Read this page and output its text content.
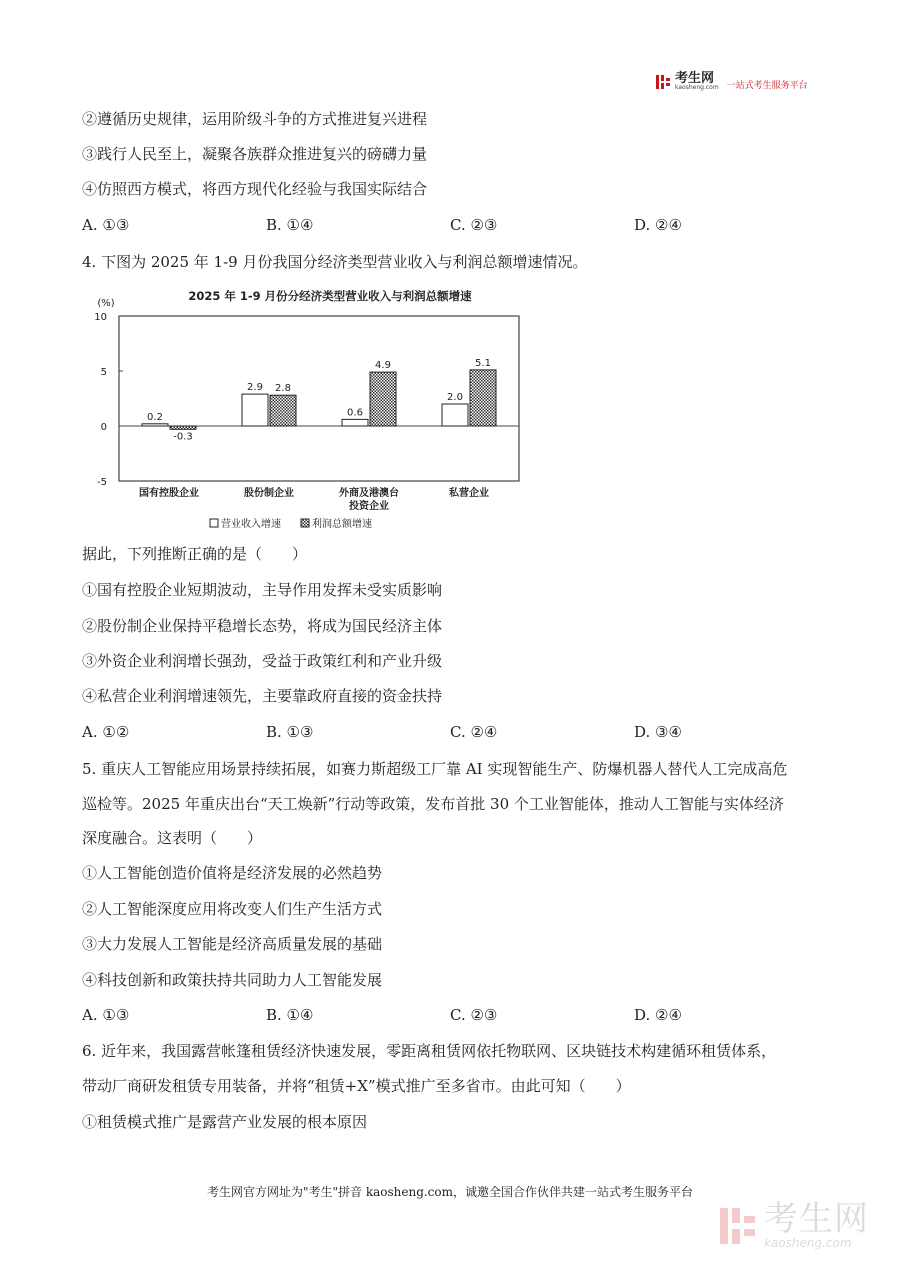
考生网
kaosheng.com 一站式考生服务平台
②遵循历史规律，运用阶级斗争的方式推进复兴进程
③践行人民至上，凝聚各族群众推进复兴的磅礴力量
④仿照西方模式，将西方现代化经验与我国实际结合
A. ①③	B. ①④	C. ②③	D. ②④
4. 下图为 2025 年 1-9 月份我国分经济类型营业收入与利润总额增速情况。
2025 年 1-9 月份分经济类型营业收入与利润总额增速
(%)
0.2
-0.3
国有控股企业
2.9 2.8
股份制企业
0.6
4.9
外商及港澳台
投资企业
2.0
5.1
私营企业
营业收入增速	利润总额增速
10
5
0
-5
据此，下列推断正确的是（　　）
①国有控股企业短期波动，主导作用发挥未受实质影响
②股份制企业保持平稳增长态势，将成为国民经济主体
③外资企业利润增长强劲，受益于政策红利和产业升级
④私营企业利润增速领先，主要靠政府直接的资金扶持
A. ①②	B. ①③	C. ②④	D. ③④
5. 重庆人工智能应用场景持续拓展，如赛力斯超级工厂靠 AI 实现智能生产、防爆机器人替代人工完成高危
巡检等。2025 年重庆出台“天工焕新”行动等政策，发布首批 30 个工业智能体，推动人工智能与实体经济
深度融合。这表明（　　）
①人工智能创造价值将是经济发展的必然趋势
②人工智能深度应用将改变人们生产生活方式
③大力发展人工智能是经济高质量发展的基础
④科技创新和政策扶持共同助力人工智能发展
A. ①③	B. ①④	C. ②③	D. ②④
6. 近年来，我国露营帐篷租赁经济快速发展，零距离租赁网依托物联网、区块链技术构建循环租赁体系，
带动厂商研发租赁专用装备，并将“租赁+X”模式推广至多省市。由此可知（　　）
①租赁模式推广是露营产业发展的根本原因
考生网官方网址为"考生"拼音 kaosheng.com，诚邀全国合作伙伴共建一站式考生服务平台
考生网
kaosheng.com
